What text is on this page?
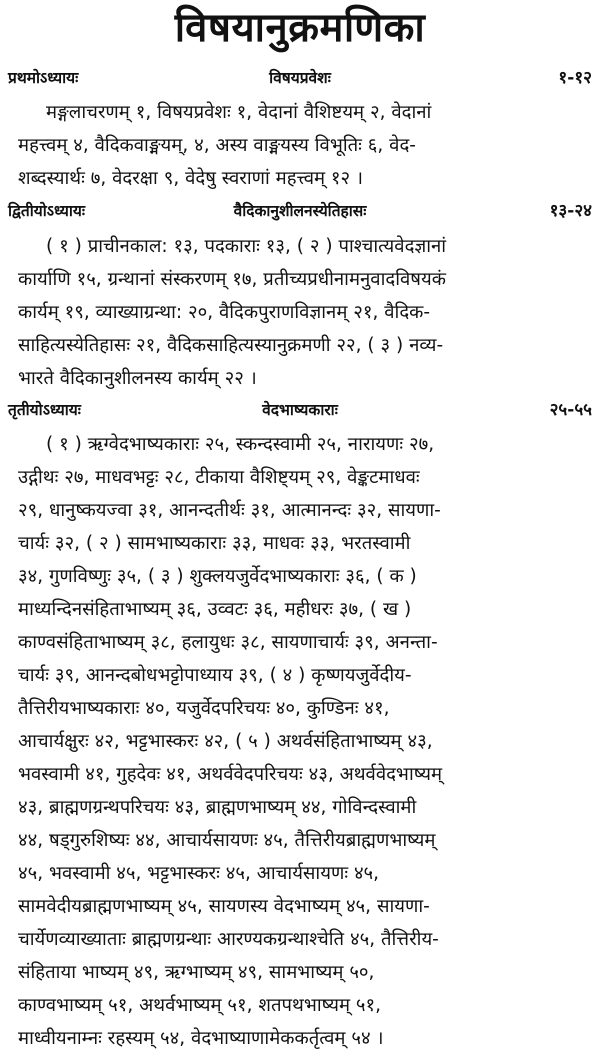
विषयानुक्रमणिका
प्रथमोऽध्यायः	विषयप्रवेशः	१-१२
मङ्गलाचरणम् १, विषयप्रवेशः १, वेदानां वैशिष्टयम् २, वेदानां
महत्त्वम् ४, वैदिकवाङ्मयम्, ४, अस्य वाङ्मयस्य विभूतिः ६, वेद-
शब्दस्यार्थः ७, वेदरक्षा ९, वेदेषु स्वराणां महत्त्वम् १२ ।
द्वितीयोऽध्यायः	वैदिकानुशीलनस्येतिहासः	१३-२४
( १ ) प्राचीनकाल: १३, पदकाराः १३, ( २ ) पाश्चात्यवेदज्ञानां
कार्याणि १५, ग्रन्थानां संस्करणम् १७, प्रतीच्यप्रधीनामनुवादविषयकं
कार्यम् १९, व्याख्याग्रन्था: २०, वैदिकपुराणविज्ञानम् २१, वैदिक-
साहित्यस्येतिहासः २१, वैदिकसाहित्यस्यानुक्रमणी २२, ( ३ ) नव्य-
भारते वैदिकानुशीलनस्य कार्यम् २२ ।
तृतीयोऽध्यायः	वेदभाष्यकाराः	२५-५५
( १ ) ऋग्वेदभाष्यकाराः २५, स्कन्दस्वामी २५, नारायणः २७,
उद्गीथः २७, माधवभट्टः २८, टीकाया वैशिष्ट्यम् २९, वेङ्कटमाधवः
२९, धानुष्कयज्वा ३१, आनन्दतीर्थः ३१, आत्मानन्दः ३२, सायणा-
चार्यः ३२, ( २ ) सामभाष्यकाराः ३३, माधवः ३३, भरतस्वामी
३४, गुणविष्णुः ३५, ( ३ ) शुक्लयजुर्वेदभाष्यकाराः ३६, ( क )
माध्यन्दिनसंहिताभाष्यम् ३६, उव्वटः ३६, महीधरः ३७, ( ख )
काण्वसंहिताभाष्यम् ३८, हलायुधः ३८, सायणाचार्यः ३९, अनन्ता-
चार्यः ३९, आनन्दबोधभट्टोपाध्याय ३९, ( ४ ) कृष्णयजुर्वेदीय-
तैत्तिरीयभाष्यकाराः ४०, यजुर्वेदपरिचयः ४०, कुण्डिनः ४१,
आचार्यक्षुरः ४२, भट्टभास्करः ४२, ( ५ ) अथर्वसंहिताभाष्यम् ४३,
भवस्वामी ४१, गुहदेवः ४१, अथर्ववेदपरिचयः ४३, अथर्ववेदभाष्यम्
४३, ब्राह्मणग्रन्थपरिचयः ४३, ब्राह्मणभाष्यम् ४४, गोविन्दस्वामी
४४, षड्गुरुशिष्यः ४४, आचार्यसायणः ४५, तैत्तिरीयब्राह्मणभाष्यम्
४५, भवस्वामी ४५, भट्टभास्करः ४५, आचार्यसायणः ४५,
सामवेदीयब्राह्मणभाष्यम् ४५, सायणस्य वेदभाष्यम् ४५, सायणा-
चार्येणव्याख्याताः ब्राह्मणग्रन्थाः आरण्यकग्रन्थाश्चेति ४५, तैत्तिरीय-
संहिताया भाष्यम् ४९, ऋग्भाष्यम् ४९, सामभाष्यम् ५०,
काण्वभाष्यम् ५१, अथर्वभाष्यम् ५१, शतपथभाष्यम् ५१,
माध्वीयनाम्नः रहस्यम् ५४, वेदभाष्याणामेककर्तृत्वम् ५४ ।
